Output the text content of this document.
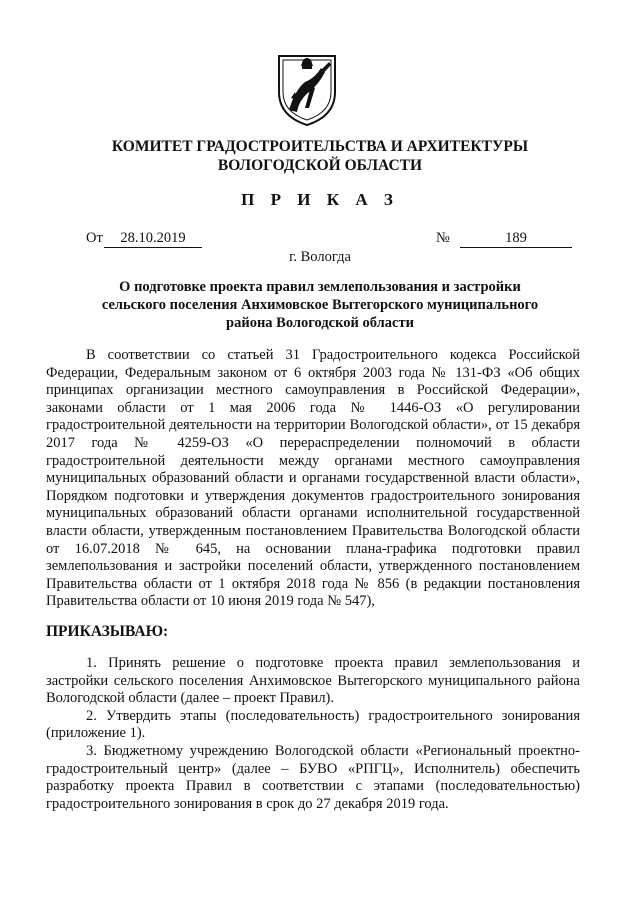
КОМИТЕТ ГРАДОСТРОИТЕЛЬСТВА И АРХИТЕКТУРЫ
ВОЛОГОДСКОЙ ОБЛАСТИ
П Р И К А З
От	28.10.2019	№	189
г. Вологда
О подготовке проекта правил землепользования и застройки
сельского поселения Анхимовское Вытегорского муниципального
района Вологодской области

В соответствии со статьей 31 Градостроительного кодекса Российской Федерации, Федеральным законом от 6 октября 2003 года № 131-ФЗ «Об общих принципах организации местного самоуправления в Российской Федерации», законами области от 1 мая 2006 года № 1446-ОЗ «О регулировании градостроительной деятельности на территории Вологодской области», от 15 декабря 2017 года № 4259-ОЗ «О перераспределении полномочий в области градостроительной деятельности между органами местного самоуправления муниципальных образований области и органами государственной власти области», Порядком подготовки и утверждения документов градостроительного зонирования муниципальных образований области органами исполнительной государственной власти области, утвержденным постановлением Правительства Вологодской области от 16.07.2018 № 645, на основании плана-графика подготовки правил землепользования и застройки поселений области, утвержденного постановлением Правительства области от 1 октября 2018 года № 856 (в редакции постановления Правительства области от 10 июня 2019 года № 547),

ПРИКАЗЫВАЮ:

1. Принять решение о подготовке проекта правил землепользования и застройки сельского поселения Анхимовское Вытегорского муниципального района Вологодской области (далее – проект Правил).

2. Утвердить этапы (последовательность) градостроительного зонирования (приложение 1).

3. Бюджетному учреждению Вологодской области «Региональный проектно-градостроительный центр» (далее – БУВО «РПГЦ», Исполнитель) обеспечить разработку проекта Правил в соответствии с этапами (последовательностью) градостроительного зонирования в срок до 27 декабря 2019 года.
